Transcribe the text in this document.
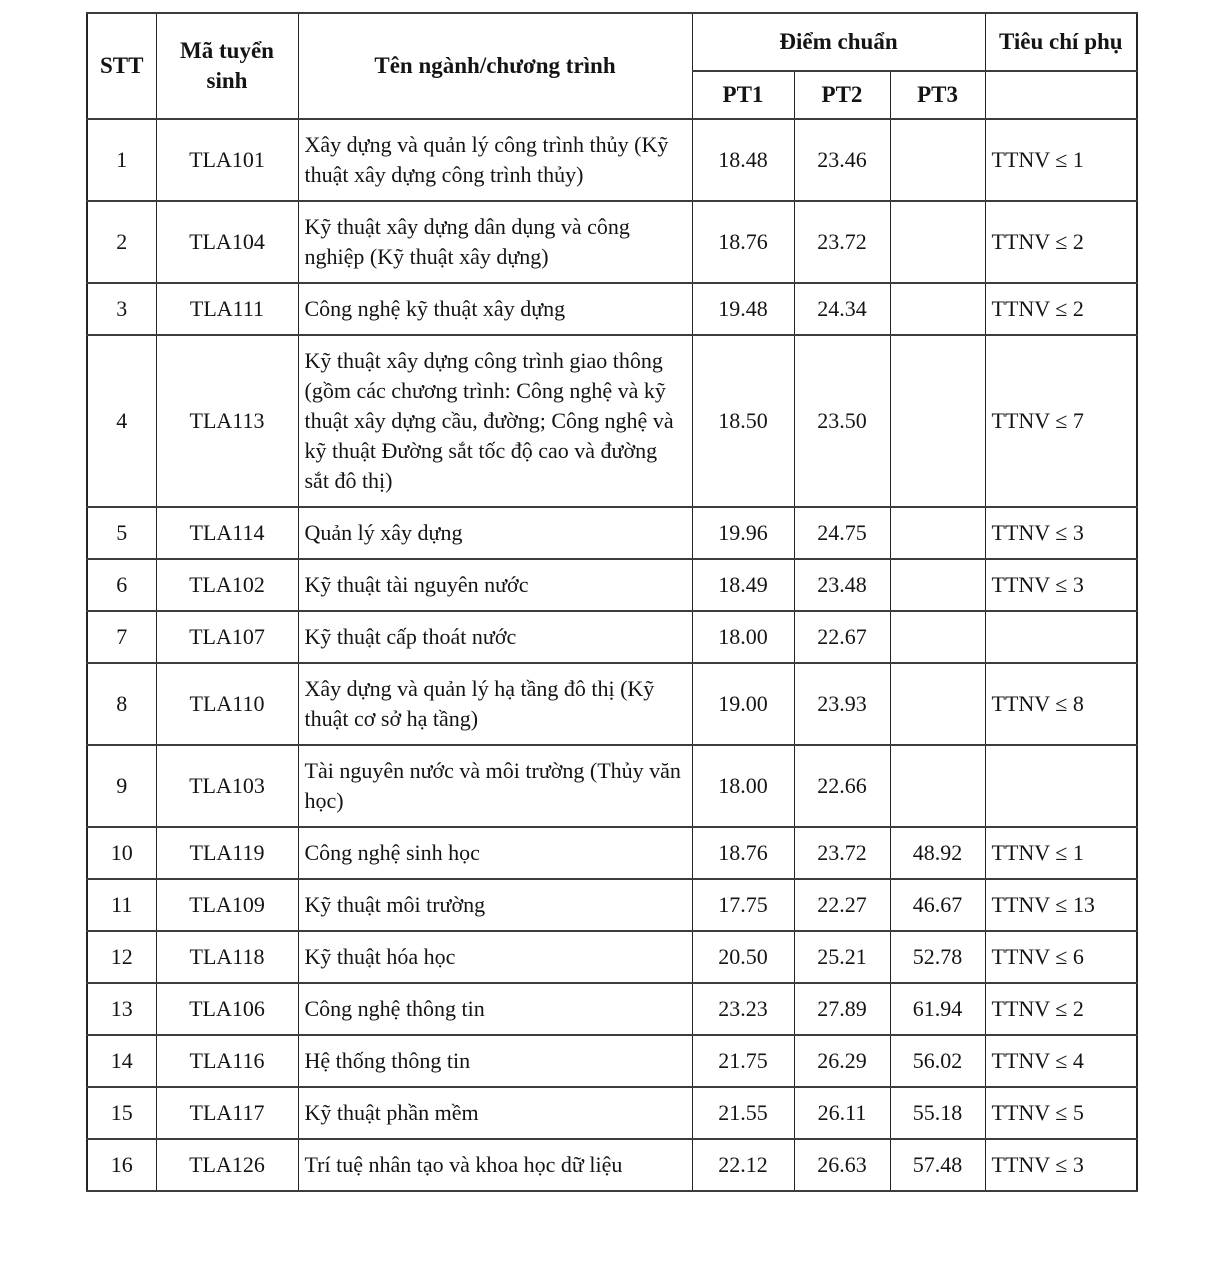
STT	Mã tuyển sinh	Tên ngành/chương trình	Điểm chuẩn			Tiêu chí phụ
			PT1	PT2	PT3	
1	TLA101	Xây dựng và quản lý công trình thủy (Kỹ thuật xây dựng công trình thủy)	18.48	23.46		TTNV ≤ 1
2	TLA104	Kỹ thuật xây dựng dân dụng và công nghiệp (Kỹ thuật xây dựng)	18.76	23.72		TTNV ≤ 2
3	TLA111	Công nghệ kỹ thuật xây dựng	19.48	24.34		TTNV ≤ 2
4	TLA113	Kỹ thuật xây dựng công trình giao thông (gồm các chương trình: Công nghệ và kỹ thuật xây dựng cầu, đường; Công nghệ và kỹ thuật Đường sắt tốc độ cao và đường sắt đô thị)	18.50	23.50		TTNV ≤ 7
5	TLA114	Quản lý xây dựng	19.96	24.75		TTNV ≤ 3
6	TLA102	Kỹ thuật tài nguyên nước	18.49	23.48		TTNV ≤ 3
7	TLA107	Kỹ thuật cấp thoát nước	18.00	22.67		
8	TLA110	Xây dựng và quản lý hạ tầng đô thị (Kỹ thuật cơ sở hạ tầng)	19.00	23.93		TTNV ≤ 8
9	TLA103	Tài nguyên nước và môi trường (Thủy văn học)	18.00	22.66		
10	TLA119	Công nghệ sinh học	18.76	23.72	48.92	TTNV ≤ 1
11	TLA109	Kỹ thuật môi trường	17.75	22.27	46.67	TTNV ≤ 13
12	TLA118	Kỹ thuật hóa học	20.50	25.21	52.78	TTNV ≤ 6
13	TLA106	Công nghệ thông tin	23.23	27.89	61.94	TTNV ≤ 2
14	TLA116	Hệ thống thông tin	21.75	26.29	56.02	TTNV ≤ 4
15	TLA117	Kỹ thuật phần mềm	21.55	26.11	55.18	TTNV ≤ 5
16	TLA126	Trí tuệ nhân tạo và khoa học dữ liệu	22.12	26.63	57.48	TTNV ≤ 3
